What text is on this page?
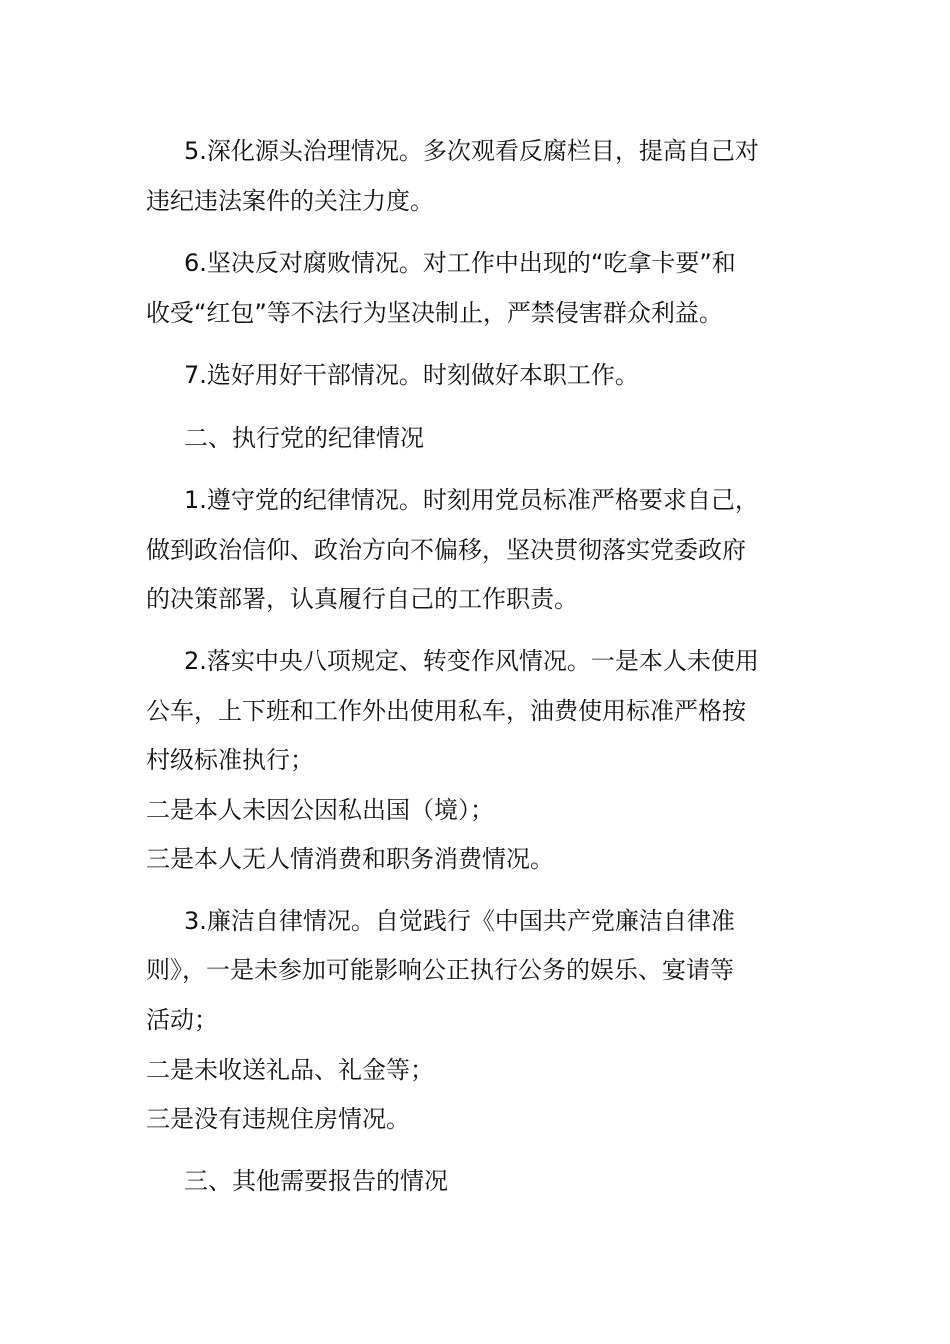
5.深化源头治理情况。多次观看反腐栏目，提高自己对

违纪违法案件的关注力度。

6.坚决反对腐败情况。对工作中出现的“吃拿卡要”和

收受“红包”等不法行为坚决制止，严禁侵害群众利益。

7.选好用好干部情况。时刻做好本职工作。

二、执行党的纪律情况

1.遵守党的纪律情况。时刻用党员标准严格要求自己，

做到政治信仰、政治方向不偏移，坚决贯彻落实党委政府

的决策部署，认真履行自己的工作职责。

2.落实中央八项规定、转变作风情况。一是本人未使用

公车，上下班和工作外出使用私车，油费使用标准严格按

村级标准执行；

二是本人未因公因私出国（境）；

三是本人无人情消费和职务消费情况。

3.廉洁自律情况。自觉践行《中国共产党廉洁自律准

则》，一是未参加可能影响公正执行公务的娱乐、宴请等

活动；

二是未收送礼品、礼金等；

三是没有违规住房情况。

三、其他需要报告的情况
